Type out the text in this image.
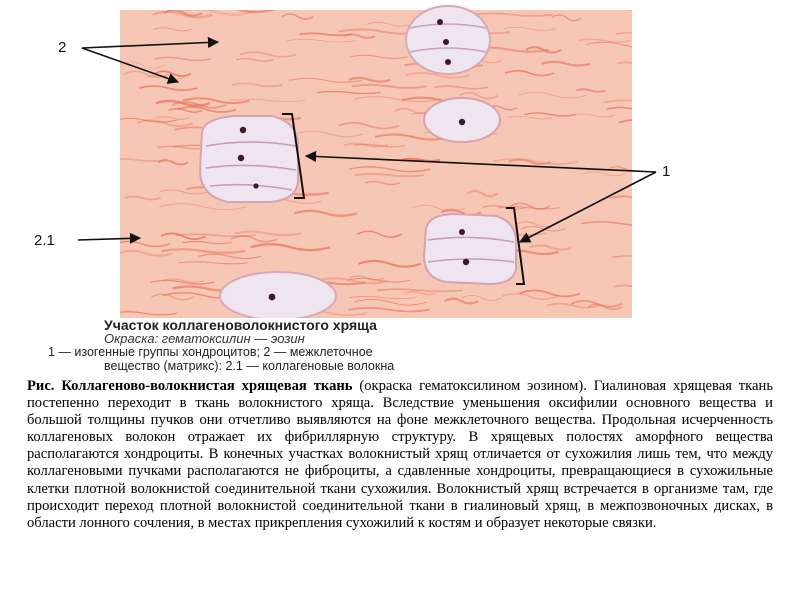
2
1
2.1
Участок коллагеноволокнистого хряща
Окраска: гематоксилин — эозин
1 — изогенные группы хондроцитов; 2 — межклеточное
вещество (матрикс): 2.1 — коллагеновые волокна

Рис. Коллагеново-волокнистая хрящевая ткань (окраска гематоксилином эозином). Гиалиновая хрящевая ткань постепенно переходит в ткань волокнистого хряща. Вследствие уменьшения оксифилии основного вещества и большой толщины пучков они отчетливо выявляются на фоне межклеточного вещества. Продольная исчерченность коллагеновых волокон отражает их фибриллярную структуру. В хрящевых полостях аморфного вещества располагаются хондроциты. В конечных участках волокнистый хрящ отличается от сухожилия лишь тем, что между коллагеновыми пучками располагаются не фиброциты, а сдавленные хондроциты, превращающиеся в сухожильные клетки плотной волокнистой соединительной ткани сухожилия. Волокнистый хрящ встречается в организме там, где происходит переход плотной волокнистой соединительной ткани в гиалиновый хрящ, в межпозвоночных дисках, в области лонного сочления, в местах прикрепления сухожилий к костям и образует некоторые связки.
